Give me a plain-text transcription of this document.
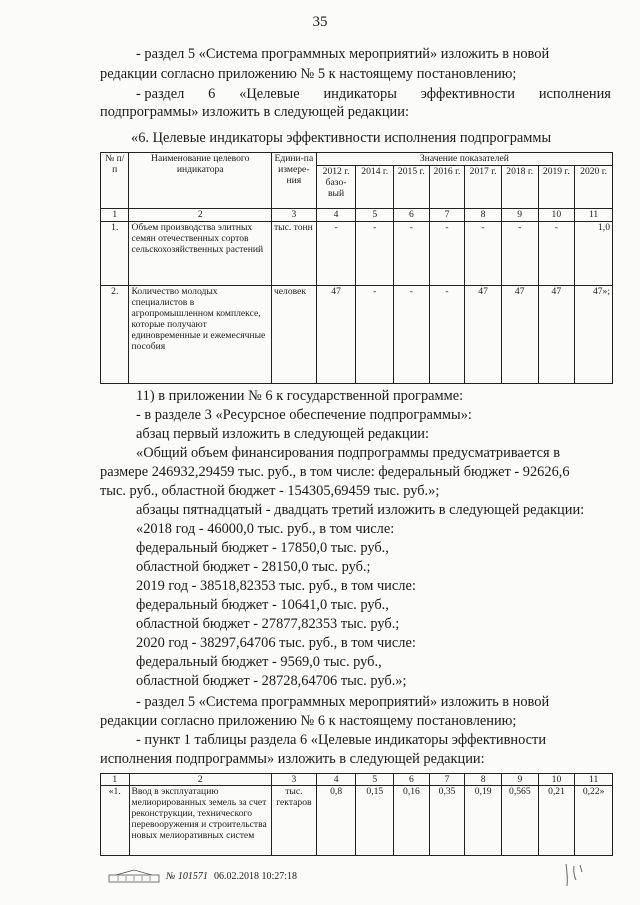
35
- раздел 5 «Система программных мероприятий» изложить в новой
редакции согласно приложению № 5 к настоящему постановлению;
- раздел 6 «Целевые индикаторы эффективности исполнения
подпрограммы» изложить в следующей редакции:
«6. Целевые индикаторы эффективности исполнения подпрограммы
№ п/п	Наименование целевого индикатора	Едини-па измере-ния	Значение показателей							
			2012 г. базо-вый	2014 г.	2015 г.	2016 г.	2017 г.	2018 г.	2019 г.	2020 г.
1	2	3	4	5	6	7	8	9	10	11
1.	Объем производства элитных семян отечественных сортов сельскохозяйственных растений	тыс. тонн	-	-	-	-	-	-	-	1,0
2.	Количество молодых специалистов в агропромышленном комплексе, которые получают единовременные и ежемесячные пособия	человек	47	-	-	-	47	47	47	47»;
11) в приложении № 6 к государственной программе:
- в разделе 3 «Ресурсное обеспечение подпрограммы»:
абзац первый изложить в следующей редакции:
«Общий объем финансирования подпрограммы предусматривается в
размере 246932,29459 тыс. руб., в том числе: федеральный бюджет - 92626,6
тыс. руб., областной бюджет - 154305,69459 тыс. руб.»;
абзацы пятнадцатый - двадцать третий изложить в следующей редакции:
«2018 год - 46000,0 тыс. руб., в том числе:
федеральный бюджет - 17850,0 тыс. руб.,
областной бюджет - 28150,0 тыс. руб.;
2019 год - 38518,82353 тыс. руб., в том числе:
федеральный бюджет - 10641,0 тыс. руб.,
областной бюджет - 27877,82353 тыс. руб.;
2020 год - 38297,64706 тыс. руб., в том числе:
федеральный бюджет - 9569,0 тыс. руб.,
областной бюджет - 28728,64706 тыс. руб.»;
- раздел 5 «Система программных мероприятий» изложить в новой
редакции согласно приложению № 6 к настоящему постановлению;
- пункт 1 таблицы раздела 6 «Целевые индикаторы эффективности
исполнения подпрограммы» изложить в следующей редакции:
1	2	3	4	5	6	7	8	9	10	11
«1.	Ввод в эксплуатацию мелиорированных земель за счет реконструкции, технического перевооружения и строительства новых мелиоративных систем	тыс. гектаров	0,8	0,15	0,16	0,35	0,19	0,565	0,21	0,22»
№ 101571 06.02.2018 10:27:18
